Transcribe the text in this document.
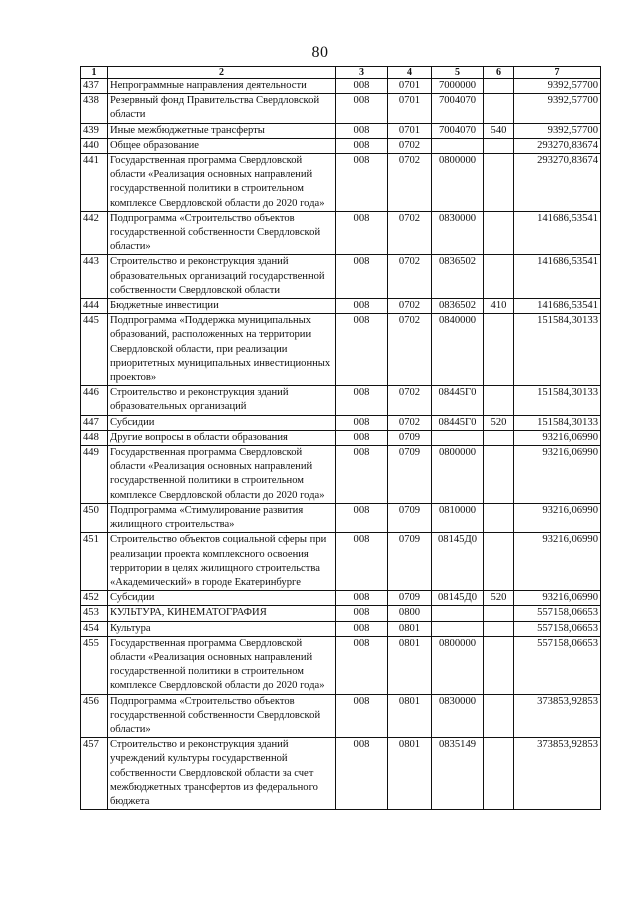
80
1	2	3	4	5	6	7
437	Непрограммные направления деятельности	008	0701	7000000		9392,57700
438	Резервный фонд Правительства Свердловской области	008	0701	7004070		9392,57700
439	Иные межбюджетные трансферты	008	0701	7004070	540	9392,57700
440	Общее образование	008	0702			293270,83674
441	Государственная программа Свердловской области «Реализация основных направлений государственной политики в строительном комплексе Свердловской области до 2020 года»	008	0702	0800000		293270,83674
442	Подпрограмма «Строительство объектов государственной собственности Свердловской области»	008	0702	0830000		141686,53541
443	Строительство и реконструкция зданий образовательных организаций государственной собственности Свердловской области	008	0702	0836502		141686,53541
444	Бюджетные инвестиции	008	0702	0836502	410	141686,53541
445	Подпрограмма «Поддержка муниципальных образований, расположенных на территории Свердловской области, при реализации приоритетных муниципальных инвестиционных проектов»	008	0702	0840000		151584,30133
446	Строительство и реконструкция зданий образовательных организаций	008	0702	08445Г0		151584,30133
447	Субсидии	008	0702	08445Г0	520	151584,30133
448	Другие вопросы в области образования	008	0709			93216,06990
449	Государственная программа Свердловской области «Реализация основных направлений государственной политики в строительном комплексе Свердловской области до 2020 года»	008	0709	0800000		93216,06990
450	Подпрограмма «Стимулирование развития жилищного строительства»	008	0709	0810000		93216,06990
451	Строительство объектов социальной сферы при реализации проекта комплексного освоения территории в целях жилищного строительства «Академический» в городе Екатеринбурге	008	0709	08145Д0		93216,06990
452	Субсидии	008	0709	08145Д0	520	93216,06990
453	КУЛЬТУРА, КИНЕМАТОГРАФИЯ	008	0800			557158,06653
454	Культура	008	0801			557158,06653
455	Государственная программа Свердловской области «Реализация основных направлений государственной политики в строительном комплексе Свердловской области до 2020 года»	008	0801	0800000		557158,06653
456	Подпрограмма «Строительство объектов государственной собственности Свердловской области»	008	0801	0830000		373853,92853
457	Строительство и реконструкция зданий учреждений культуры государственной собственности Свердловской области за счет межбюджетных трансфертов из федерального бюджета	008	0801	0835149		373853,92853
